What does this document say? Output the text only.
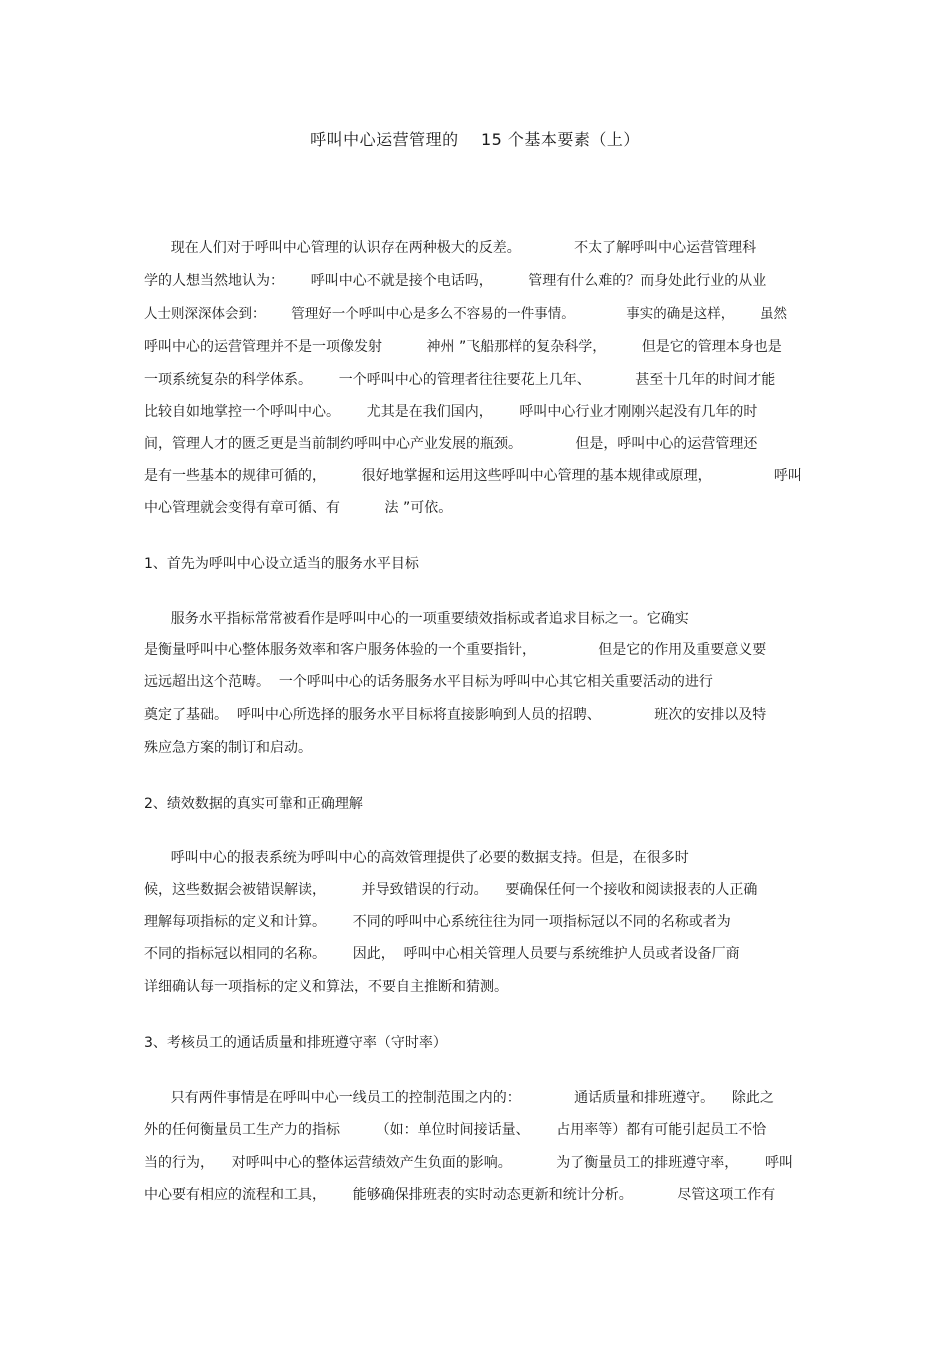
呼叫中心运营管理的    15 个基本要素（上）
现在人们对于呼叫中心管理的认识存在两种极大的反差。            不太了解呼叫中心运营管理科
学的人想当然地认为：      呼叫中心不就是接个电话吗，        管理有什么难的？而身处此行业的从业
人士则深深体会到：      管理好一个呼叫中心是多么不容易的一件事情。            事实的确是这样，      虽然
呼叫中心的运营管理并不是一项像发射          神州 ”飞船那样的复杂科学，        但是它的管理本身也是
一项系统复杂的科学体系。      一个呼叫中心的管理者往往要花上几年、          甚至十几年的时间才能
比较自如地掌控一个呼叫中心。      尤其是在我们国内，      呼叫中心行业才刚刚兴起没有几年的时
间，管理人才的匮乏更是当前制约呼叫中心产业发展的瓶颈。            但是，呼叫中心的运营管理还
是有一些基本的规律可循的，        很好地掌握和运用这些呼叫中心管理的基本规律或原理，              呼叫
中心管理就会变得有章可循、有          法 ”可依。
1、首先为呼叫中心设立适当的服务水平目标
服务水平指标常常被看作是呼叫中心的一项重要绩效指标或者追求目标之一。它确实
是衡量呼叫中心整体服务效率和客户服务体验的一个重要指针，              但是它的作用及重要意义要
远远超出这个范畴。  一个呼叫中心的话务服务水平目标为呼叫中心其它相关重要活动的进行
奠定了基础。  呼叫中心所选择的服务水平目标将直接影响到人员的招聘、            班次的安排以及特
殊应急方案的制订和启动。
2、绩效数据的真实可靠和正确理解
呼叫中心的报表系统为呼叫中心的高效管理提供了必要的数据支持。但是，在很多时
候，这些数据会被错误解读，        并导致错误的行动。    要确保任何一个接收和阅读报表的人正确
理解每项指标的定义和计算。      不同的呼叫中心系统往往为同一项指标冠以不同的名称或者为
不同的指标冠以相同的名称。      因此，  呼叫中心相关管理人员要与系统维护人员或者设备厂商
详细确认每一项指标的定义和算法，不要自主推断和猜测。
3、考核员工的通话质量和排班遵守率（守时率）
只有两件事情是在呼叫中心一线员工的控制范围之内的：            通话质量和排班遵守。    除此之
外的任何衡量员工生产力的指标        （如：单位时间接话量、      占用率等）都有可能引起员工不恰
当的行为，    对呼叫中心的整体运营绩效产生负面的影响。          为了衡量员工的排班遵守率，      呼叫
中心要有相应的流程和工具，      能够确保排班表的实时动态更新和统计分析。          尽管这项工作有
